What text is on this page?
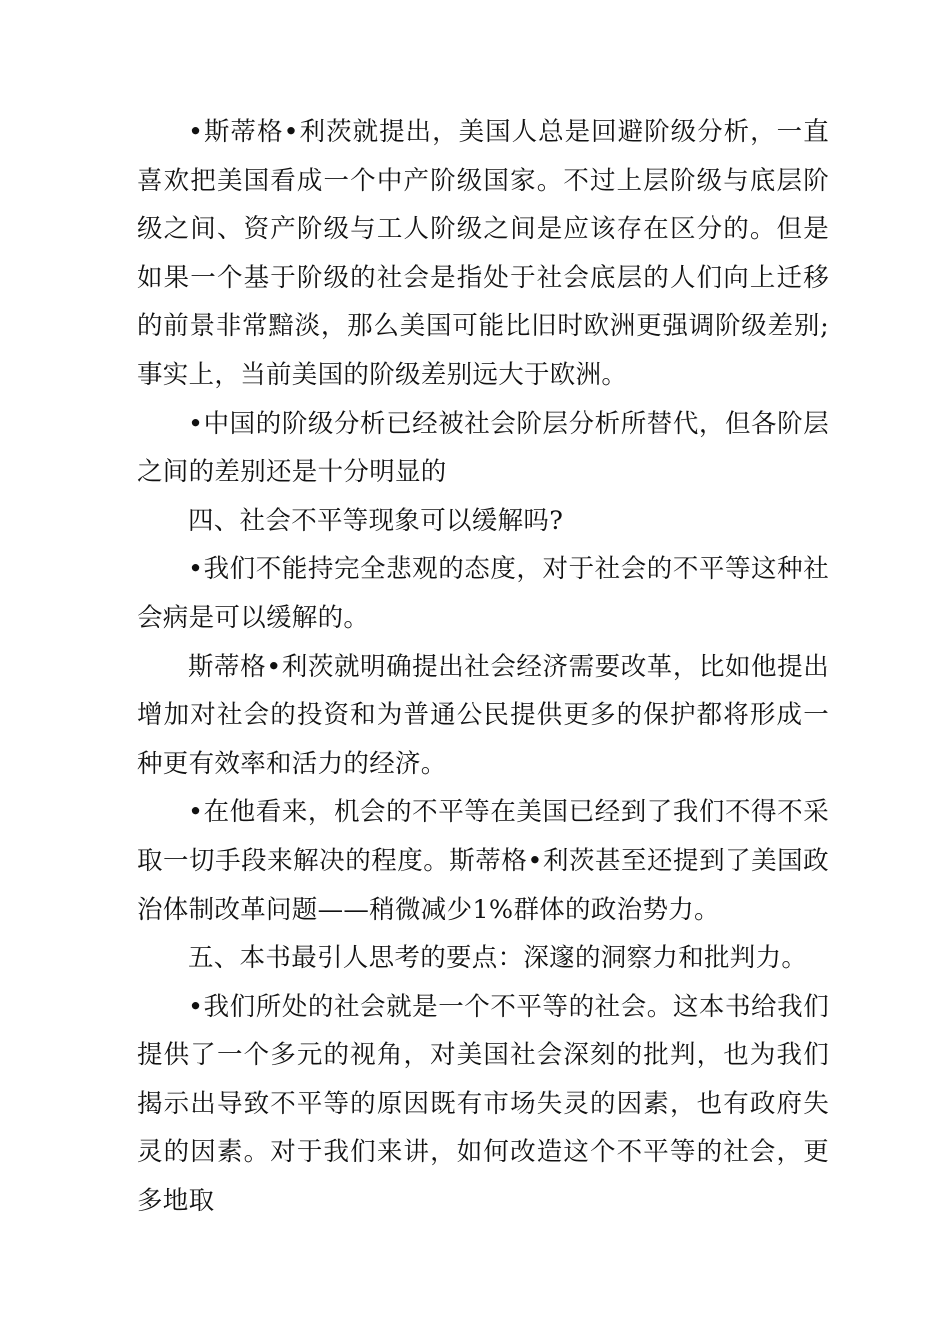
•斯蒂格•利茨就提出，美国人总是回避阶级分析，一直喜欢把美国看成一个中产阶级国家。不过上层阶级与底层阶级之间、资产阶级与工人阶级之间是应该存在区分的。但是如果一个基于阶级的社会是指处于社会底层的人们向上迁移的前景非常黯淡，那么美国可能比旧时欧洲更强调阶级差别;事实上，当前美国的阶级差别远大于欧洲。

•中国的阶级分析已经被社会阶层分析所替代，但各阶层之间的差别还是十分明显的

四、社会不平等现象可以缓解吗?

•我们不能持完全悲观的态度，对于社会的不平等这种社会病是可以缓解的。

斯蒂格•利茨就明确提出社会经济需要改革，比如他提出增加对社会的投资和为普通公民提供更多的保护都将形成一种更有效率和活力的经济。

•在他看来，机会的不平等在美国已经到了我们不得不采取一切手段来解决的程度。斯蒂格•利茨甚至还提到了美国政治体制改革问题——稍微减少1%群体的政治势力。

五、本书最引人思考的要点：深邃的洞察力和批判力。

•我们所处的社会就是一个不平等的社会。这本书给我们提供了一个多元的视角，对美国社会深刻的批判，也为我们揭示出导致不平等的原因既有市场失灵的因素，也有政府失灵的因素。对于我们来讲，如何改造这个不平等的社会，更多地取
